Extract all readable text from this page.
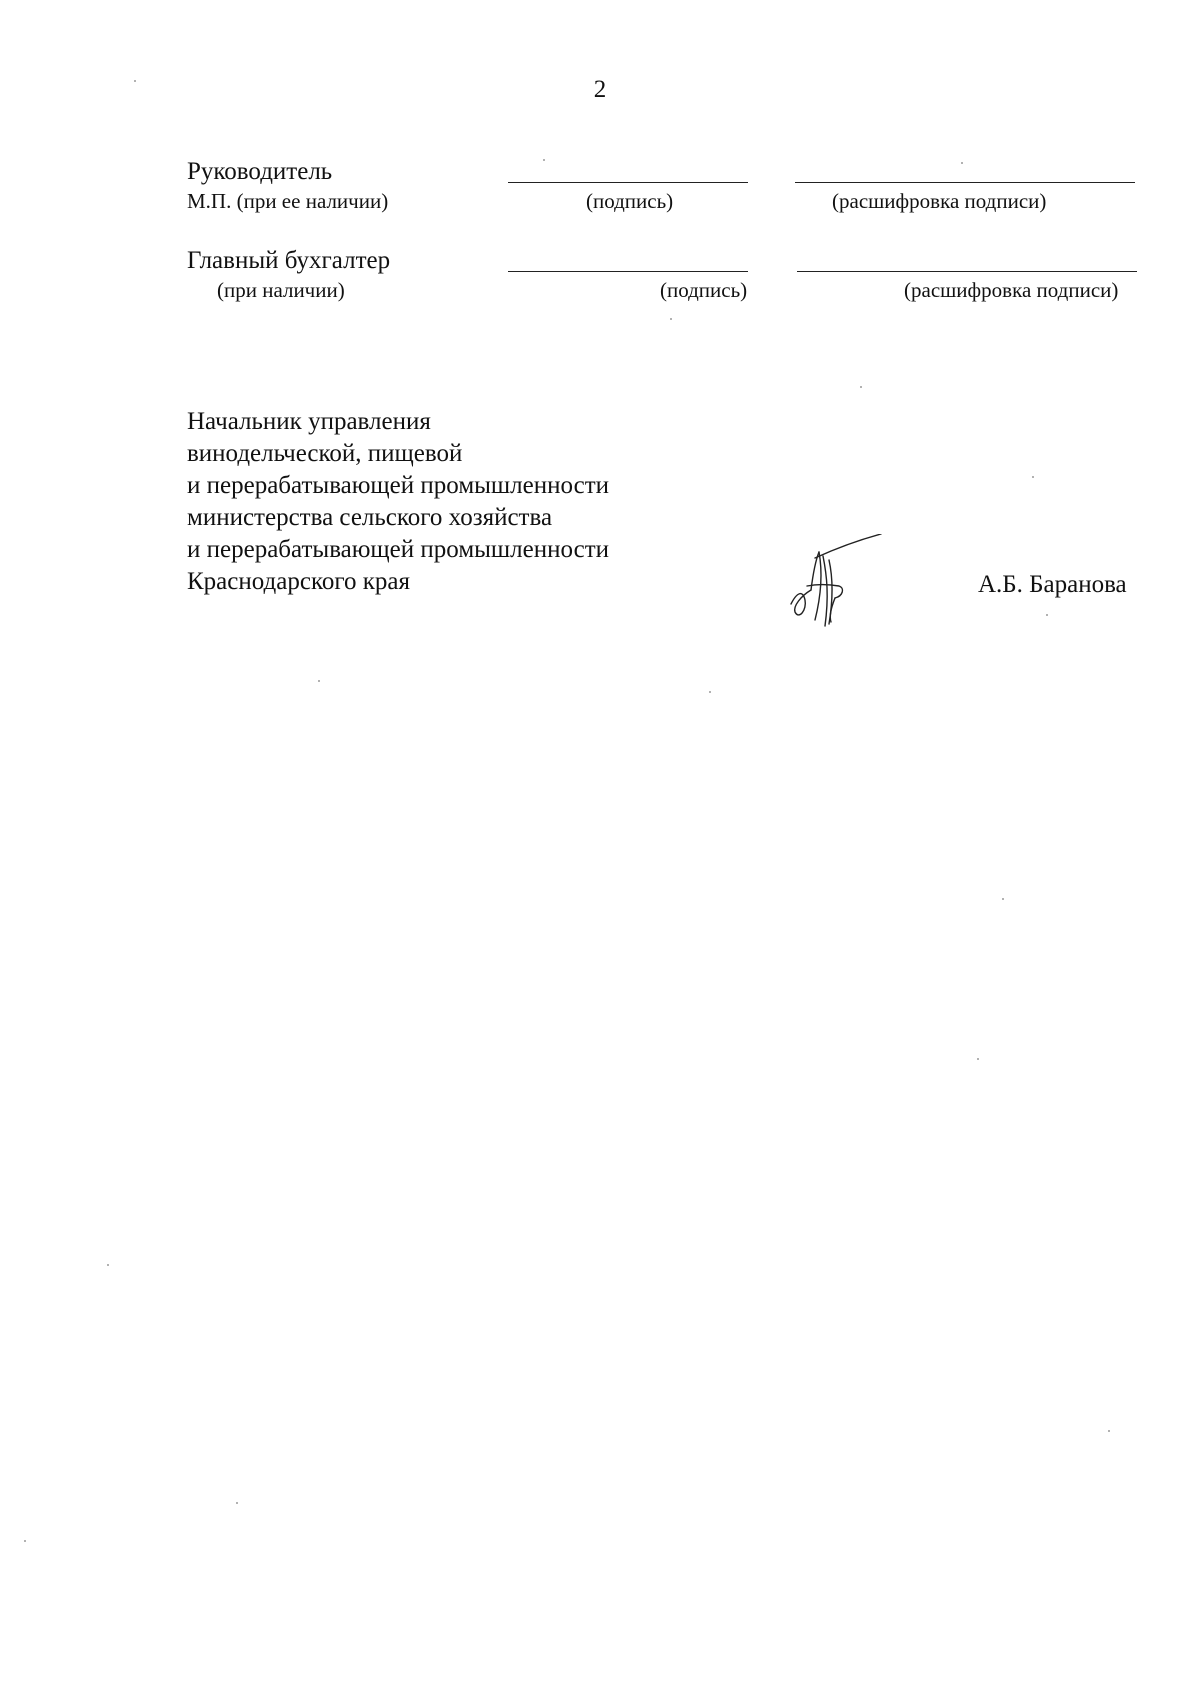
2
Руководитель
М.П. (при ее наличии)	(подпись)	(расшифровка подписи)
Главный бухгалтер
(при наличии)	(подпись)	(расшифровка подписи)
Начальник управления
винодельческой, пищевой
и перерабатывающей промышленности
министерства сельского хозяйства
и перерабатывающей промышленности
Краснодарского края	А.Б. Баранова
